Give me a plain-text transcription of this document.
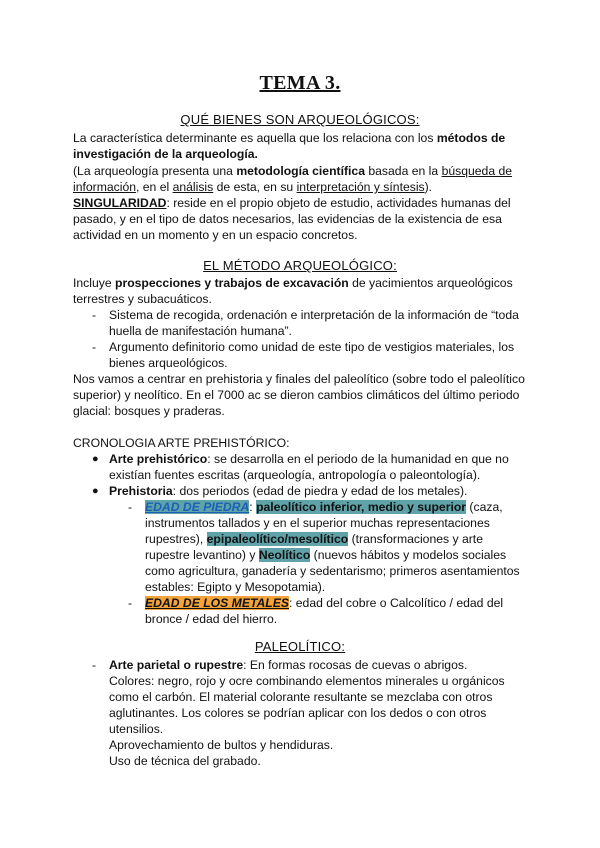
TEMA 3.
QUÉ BIENES SON ARQUEOLÓGICOS:
La característica determinante es aquella que los relaciona con los métodos de
investigación de la arqueología.
(La arqueología presenta una metodología científica basada en la búsqueda de
información, en el análisis de esta, en su interpretación y síntesis).
SINGULARIDAD: reside en el propio objeto de estudio, actividades humanas del
pasado, y en el tipo de datos necesarios, las evidencias de la existencia de esa
actividad en un momento y en un espacio concretos.
EL MÉTODO ARQUEOLÓGICO:
Incluye prospecciones y trabajos de excavación de yacimientos arqueológicos
terrestres y subacuáticos.
- Sistema de recogida, ordenación e interpretación de la información de “toda
huella de manifestación humana”.
- Argumento definitorio como unidad de este tipo de vestigios materiales, los
bienes arqueológicos.
Nos vamos a centrar en prehistoria y finales del paleolítico (sobre todo el paleolítico
superior) y neolítico. En el 7000 ac se dieron cambios climáticos del último periodo
glacial: bosques y praderas.
CRONOLOGIA ARTE PREHISTÓRICO:
● Arte prehistórico: se desarrolla en el periodo de la humanidad en que no
existían fuentes escritas (arqueología, antropología o paleontología).
● Prehistoria: dos periodos (edad de piedra y edad de los metales).
- EDAD DE PIEDRA: paleolítico inferior, medio y superior (caza,
instrumentos tallados y en el superior muchas representaciones
rupestres), epipaleolítico/mesolítico (transformaciones y arte
rupestre levantino) y Neolítico (nuevos hábitos y modelos sociales
como agricultura, ganadería y sedentarismo; primeros asentamientos
estables: Egipto y Mesopotamia).
- EDAD DE LOS METALES: edad del cobre o Calcolítico / edad del
bronce / edad del hierro.
PALEOLÍTICO:
- Arte parietal o rupestre: En formas rocosas de cuevas o abrigos.
Colores: negro, rojo y ocre combinando elementos minerales u orgánicos
como el carbón. El material colorante resultante se mezclaba con otros
aglutinantes. Los colores se podrían aplicar con los dedos o con otros
utensilios.
Aprovechamiento de bultos y hendiduras.
Uso de técnica del grabado.
